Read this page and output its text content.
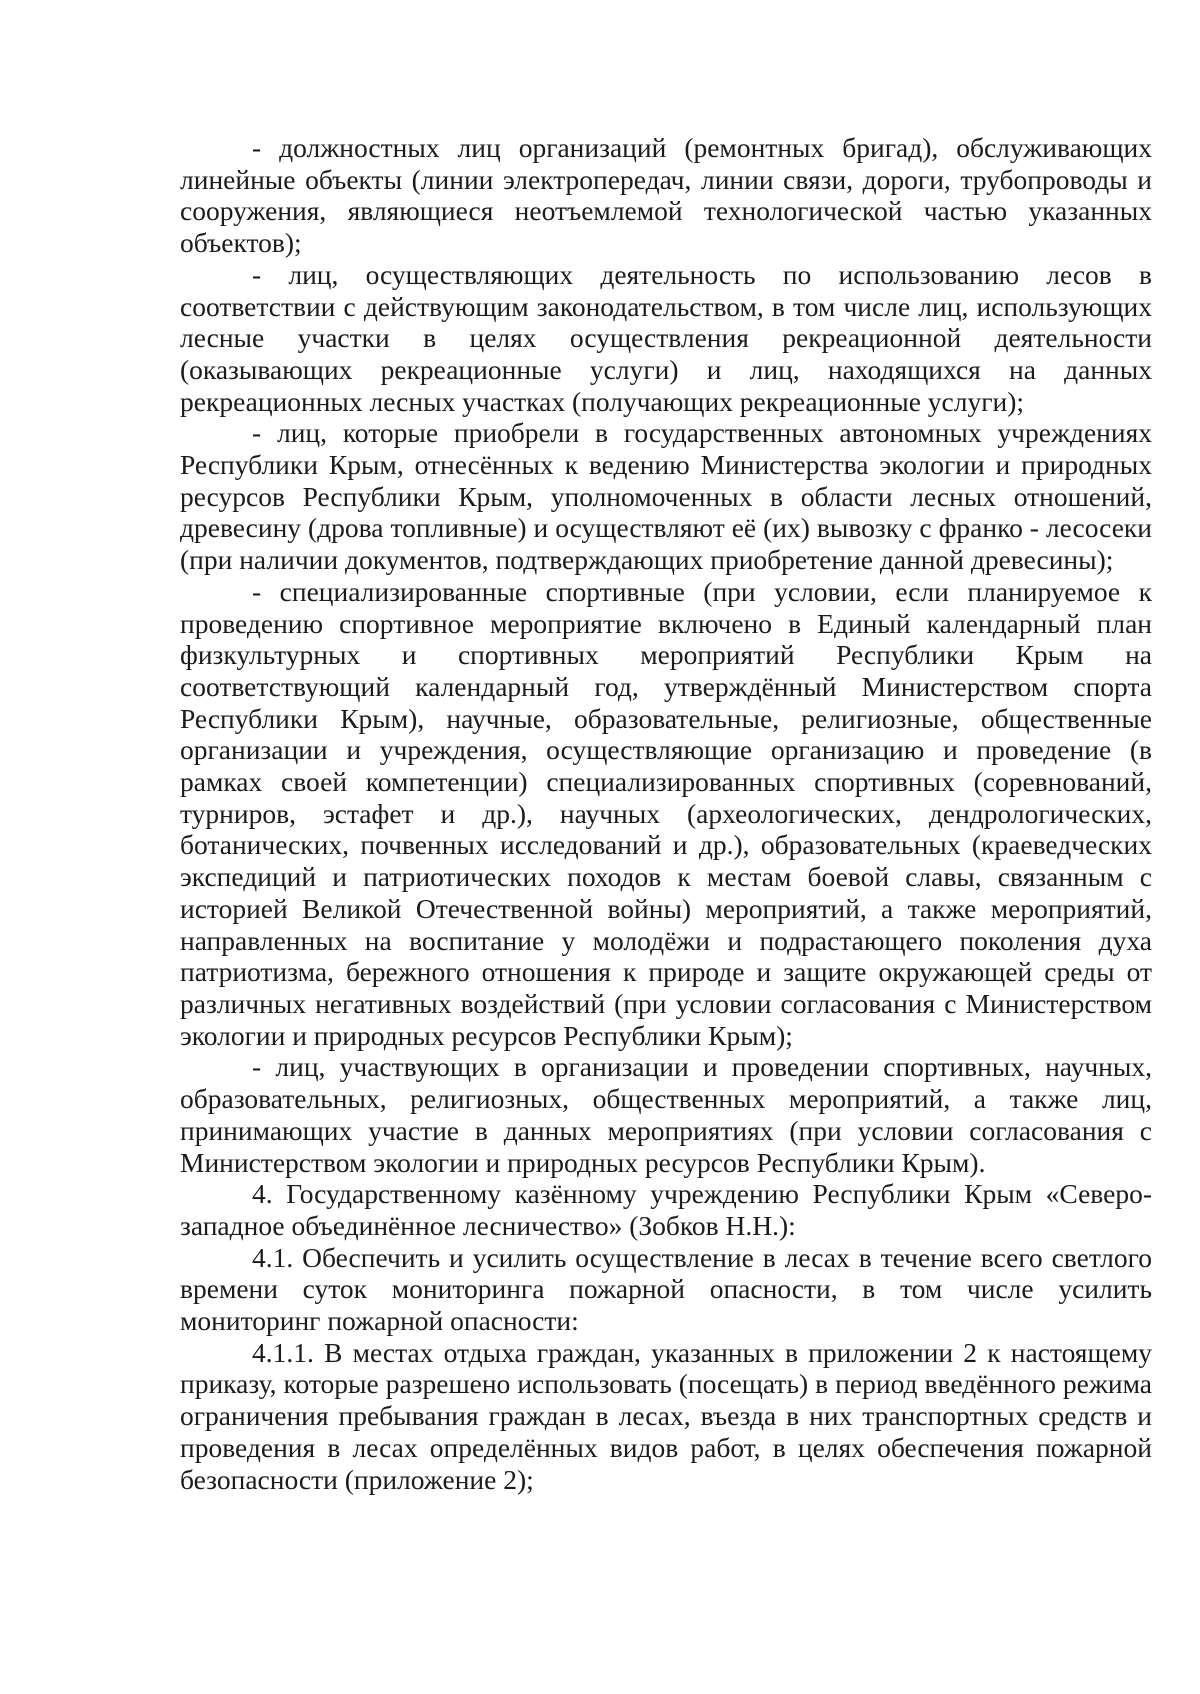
- должностных лиц организаций (ремонтных бригад), обслуживающих линейные объекты (линии электропередач, линии связи, дороги, трубопроводы и сооружения, являющиеся неотъемлемой технологической частью указанных объектов);

- лиц, осуществляющих деятельность по использованию лесов в соответствии с действующим законодательством, в том числе лиц, использующих лесные участки в целях осуществления рекреационной деятельности (оказывающих рекреационные услуги) и лиц, находящихся на данных рекреационных лесных участках (получающих рекреационные услуги);

- лиц, которые приобрели в государственных автономных учреждениях Республики Крым, отнесённых к ведению Министерства экологии и природных ресурсов Республики Крым, уполномоченных в области лесных отношений, древесину (дрова топливные) и осуществляют её (их) вывозку с франко - лесосеки (при наличии документов, подтверждающих приобретение данной древесины);

- специализированные спортивные (при условии, если планируемое к проведению спортивное мероприятие включено в Единый календарный план физкультурных и спортивных мероприятий Республики Крым на соответствующий календарный год, утверждённый Министерством спорта Республики Крым), научные, образовательные, религиозные, общественные организации и учреждения, осуществляющие организацию и проведение (в рамках своей компетенции) специализированных спортивных (соревнований, турниров, эстафет и др.), научных (археологических, дендрологических, ботанических, почвенных исследований и др.), образовательных (краеведческих экспедиций и патриотических походов к местам боевой славы, связанным с историей Великой Отечественной войны) мероприятий, а также мероприятий, направленных на воспитание у молодёжи и подрастающего поколения духа патриотизма, бережного отношения к природе и защите окружающей среды от различных негативных воздействий (при условии согласования с Министерством экологии и природных ресурсов Республики Крым);

- лиц, участвующих в организации и проведении спортивных, научных, образовательных, религиозных, общественных мероприятий, а также лиц, принимающих участие в данных мероприятиях (при условии согласования с Министерством экологии и природных ресурсов Республики Крым).

4. Государственному казённому учреждению Республики Крым «Северо-западное объединённое лесничество» (Зобков Н.Н.):

4.1. Обеспечить и усилить осуществление в лесах в течение всего светлого времени суток мониторинга пожарной опасности, в том числе усилить мониторинг пожарной опасности:

4.1.1. В местах отдыха граждан, указанных в приложении 2 к настоящему приказу, которые разрешено использовать (посещать) в период введённого режима ограничения пребывания граждан в лесах, въезда в них транспортных средств и проведения в лесах определённых видов работ, в целях обеспечения пожарной безопасности (приложение 2);
